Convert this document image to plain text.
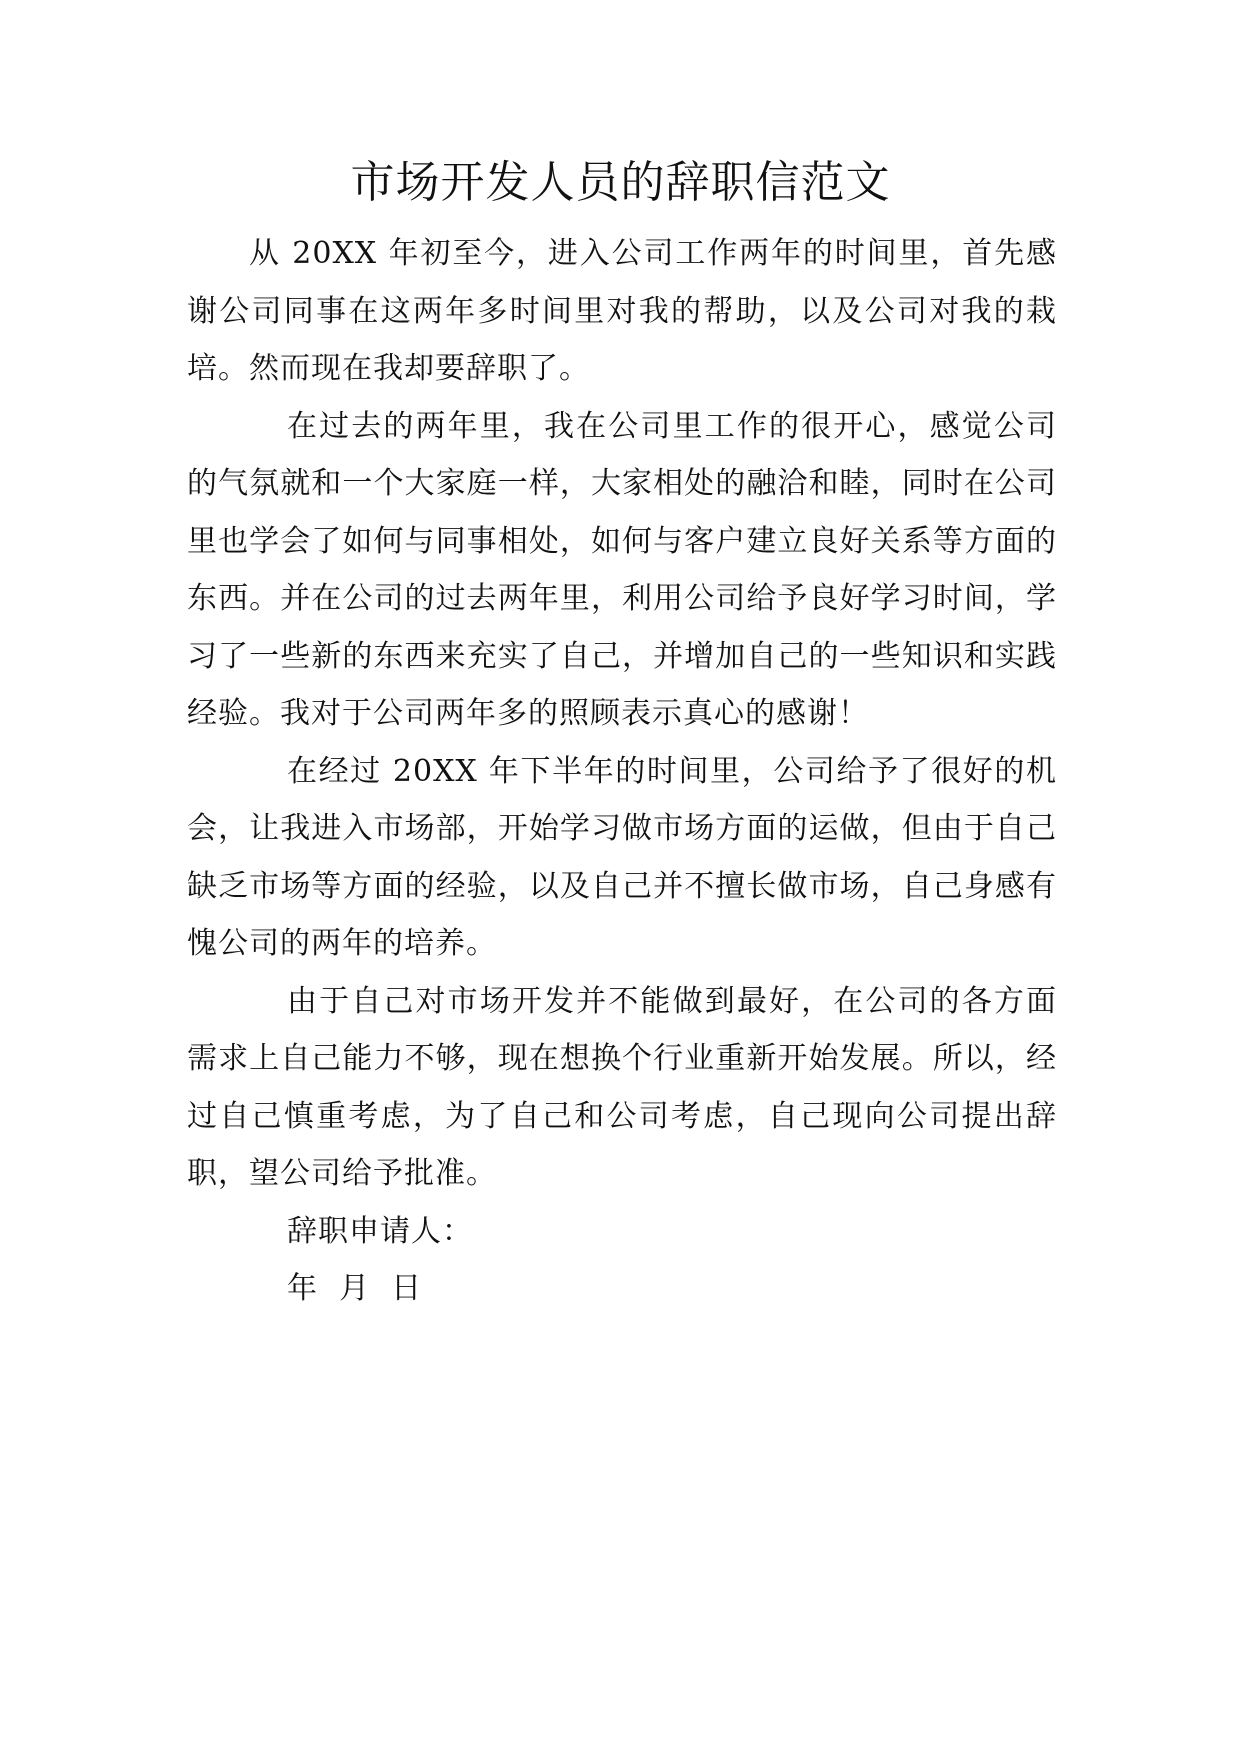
市场开发人员的辞职信范文

从 20XX 年初至今，进入公司工作两年的时间里，首先感谢公司同事在这两年多时间里对我的帮助，以及公司对我的栽培。然而现在我却要辞职了。

在过去的两年里，我在公司里工作的很开心，感觉公司的气氛就和一个大家庭一样，大家相处的融洽和睦，同时在公司里也学会了如何与同事相处，如何与客户建立良好关系等方面的东西。并在公司的过去两年里，利用公司给予良好学习时间，学习了一些新的东西来充实了自己，并增加自己的一些知识和实践经验。我对于公司两年多的照顾表示真心的感谢！

在经过 20XX 年下半年的时间里，公司给予了很好的机会，让我进入市场部，开始学习做市场方面的运做，但由于自己缺乏市场等方面的经验，以及自己并不擅长做市场，自己身感有愧公司的两年的培养。

由于自己对市场开发并不能做到最好，在公司的各方面需求上自己能力不够，现在想换个行业重新开始发展。所以，经过自己慎重考虑，为了自己和公司考虑，自己现向公司提出辞职，望公司给予批准。

辞职申请人：

年  月  日
